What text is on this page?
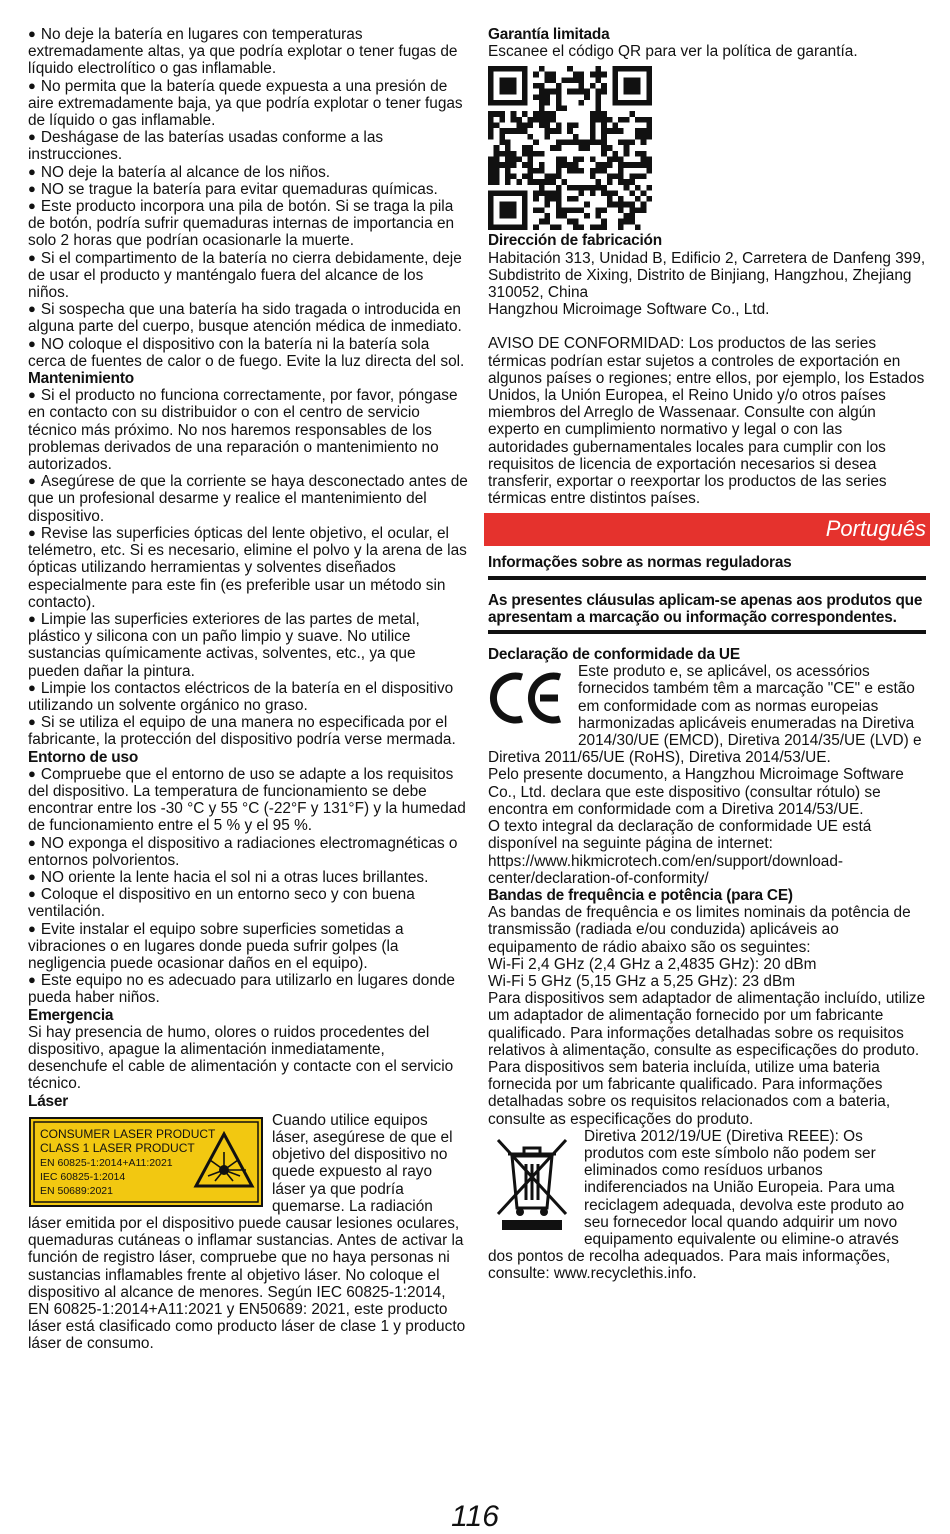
● No deje la batería en lugares con temperaturas extremadamente altas, ya que podría explotar o tener fugas de líquido electrolítico o gas inflamable.

● No permita que la batería quede expuesta a una presión de aire extremadamente baja, ya que podría explotar o tener fugas de líquido o gas inflamable.

● Deshágase de las baterías usadas conforme a las instrucciones.

● NO deje la batería al alcance de los niños.

● NO se trague la batería para evitar quemaduras químicas.

● Este producto incorpora una pila de botón. Si se traga la pila de botón, podría sufrir quemaduras internas de importancia en solo 2 horas que podrían ocasionarle la muerte.

● Si el compartimento de la batería no cierra debidamente, deje de usar el producto y manténgalo fuera del alcance de los niños.

● Si sospecha que una batería ha sido tragada o introducida en alguna parte del cuerpo, busque atención médica de inmediato.

● NO coloque el dispositivo con la batería ni la batería sola cerca de fuentes de calor o de fuego. Evite la luz directa del sol.

Mantenimiento

● Si el producto no funciona correctamente, por favor, póngase en contacto con su distribuidor o con el centro de servicio técnico más próximo. No nos haremos responsables de los problemas derivados de una reparación o mantenimiento no autorizados.

● Asegúrese de que la corriente se haya desconectado antes de que un profesional desarme y realice el mantenimiento del dispositivo.

● Revise las superficies ópticas del lente objetivo, el ocular, el telémetro, etc. Si es necesario, elimine el polvo y la arena de las ópticas utilizando herramientas y solventes diseñados especialmente para este fin (es preferible usar un método sin contacto).

● Limpie las superficies exteriores de las partes de metal, plástico y silicona con un paño limpio y suave. No utilice sustancias químicamente activas, solventes, etc., ya que pueden dañar la pintura.

● Limpie los contactos eléctricos de la batería en el dispositivo utilizando un solvente orgánico no graso.

● Si se utiliza el equipo de una manera no especificada por el fabricante, la protección del dispositivo podría verse mermada.

Entorno de uso

● Compruebe que el entorno de uso se adapte a los requisitos del dispositivo. La temperatura de funcionamiento se debe encontrar entre los -30 °C y 55 °C (-22°F y 131°F) y la humedad de funcionamiento entre el 5 % y el 95 %.

● NO exponga el dispositivo a radiaciones electromagnéticas o entornos polvorientos.

● NO oriente la lente hacia el sol ni a otras luces brillantes.

● Coloque el dispositivo en un entorno seco y con buena ventilación.

● Evite instalar el equipo sobre superficies sometidas a vibraciones o en lugares donde pueda sufrir golpes (la negligencia puede ocasionar daños en el equipo).

● Este equipo no es adecuado para utilizarlo en lugares donde pueda haber niños.

Emergencia

Si hay presencia de humo, olores o ruidos procedentes del dispositivo, apague la alimentación inmediatamente, desenchufe el cable de alimentación y contacte con el servicio técnico.

Láser

CONSUMER LASER PRODUCT
CLASS 1 LASER PRODUCT
EN 60825-1:2014+A11:2021
IEC 60825-1:2014
EN 50689:2021

Cuando utilice equipos láser, asegúrese de que el objetivo del dispositivo no quede expuesto al rayo láser ya que podría quemarse. La radiación láser emitida por el dispositivo puede causar lesiones oculares, quemaduras cutáneas o inflamar sustancias. Antes de activar la función de registro láser, compruebe que no haya personas ni sustancias inflamables frente al objetivo láser. No coloque el dispositivo al alcance de menores. Según IEC 60825-1:2014, EN 60825-1:2014+A11:2021 y EN50689: 2021, este producto láser está clasificado como producto láser de clase 1 y producto láser de consumo.

Garantía limitada

Escanee el código QR para ver la política de garantía.

Dirección de fabricación

Habitación 313, Unidad B, Edificio 2, Carretera de Danfeng 399, Subdistrito de Xixing, Distrito de Binjiang, Hangzhou, Zhejiang 310052, China

Hangzhou Microimage Software Co., Ltd.

AVISO DE CONFORMIDAD: Los productos de las series térmicas podrían estar sujetos a controles de exportación en algunos países o regiones; entre ellos, por ejemplo, los Estados Unidos, la Unión Europea, el Reino Unido y/o otros países miembros del Arreglo de Wassenaar. Consulte con algún experto en cumplimiento normativo y legal o con las autoridades gubernamentales locales para cumplir con los requisitos de licencia de exportación necesarios si desea transferir, exportar o reexportar los productos de las series térmicas entre distintos países.

Português

Informações sobre as normas reguladoras

As presentes cláusulas aplicam-se apenas aos produtos que apresentam a marcação ou informação correspondentes.

Declaração de conformidade da UE

Este produto e, se aplicável, os acessórios fornecidos também têm a marcação "CE" e estão em conformidade com as normas europeias harmonizadas aplicáveis enumeradas na Diretiva 2014/30/UE (EMCD), Diretiva 2014/35/UE (LVD) e Diretiva 2011/65/UE (RoHS), Diretiva 2014/53/UE.

Pelo presente documento, a Hangzhou Microimage Software Co., Ltd. declara que este dispositivo (consultar rótulo) se encontra em conformidade com a Diretiva 2014/53/UE.

O texto integral da declaração de conformidade UE está disponível na seguinte página de internet: https://www.hikmicrotech.com/en/support/download-center/declaration-of-conformity/

Bandas de frequência e potência (para CE)

As bandas de frequência e os limites nominais da potência de transmissão (radiada e/ou conduzida) aplicáveis ao equipamento de rádio abaixo são os seguintes:

Wi-Fi 2,4 GHz (2,4 GHz a 2,4835 GHz): 20 dBm

Wi-Fi 5 GHz (5,15 GHz a 5,25 GHz): 23 dBm

Para dispositivos sem adaptador de alimentação incluído, utilize um adaptador de alimentação fornecido por um fabricante qualificado. Para informações detalhadas sobre os requisitos relativos à alimentação, consulte as especificações do produto.

Para dispositivos sem bateria incluída, utilize uma bateria fornecida por um fabricante qualificado. Para informações detalhadas sobre os requisitos relacionados com a bateria, consulte as especificações do produto.

Diretiva 2012/19/UE (Diretiva REEE): Os produtos com este símbolo não podem ser eliminados como resíduos urbanos indiferenciados na União Europeia. Para uma reciclagem adequada, devolva este produto ao seu fornecedor local quando adquirir um novo equipamento equivalente ou elimine-o através dos pontos de recolha adequados. Para mais informações, consulte: www.recyclethis.info.

116
